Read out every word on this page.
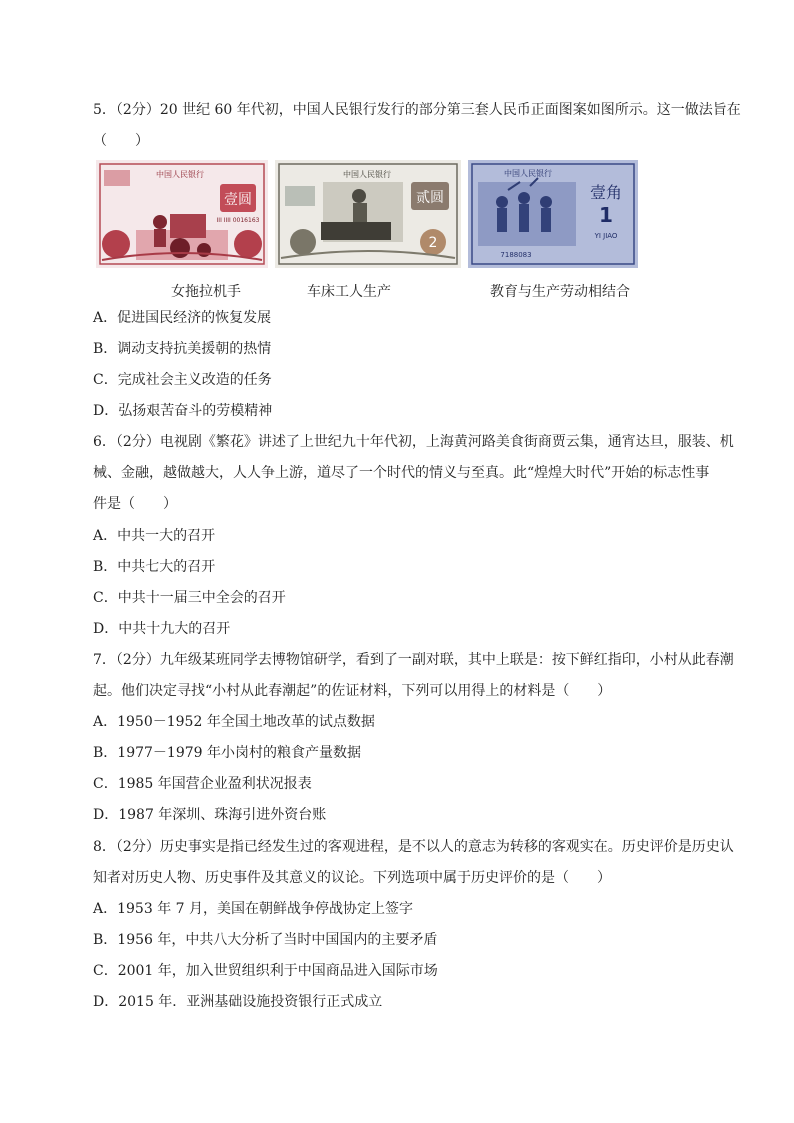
5．（2分）20 世纪 60 年代初，中国人民银行发行的部分第三套人民币正面图案如图所示。这一做法旨在
（　　）
中国人民银行
壹圆
III IIII 0016163
中国人民银行
贰圆
2
中国人民银行
壹角
1
YI JIAO
7188083
女拖拉机手	车床工人生产	教育与生产劳动相结合
A．促进国民经济的恢复发展
B．调动支持抗美援朝的热情
C．完成社会主义改造的任务
D．弘扬艰苦奋斗的劳模精神
6．（2分）电视剧《繁花》讲述了上世纪九十年代初，上海黄河路美食街商贾云集，通宵达旦，服装、机
械、金融，越做越大，人人争上游，道尽了一个时代的情义与至真。此“煌煌大时代”开始的标志性事
件是（　　）
A．中共一大的召开
B．中共七大的召开
C．中共十一届三中全会的召开
D．中共十九大的召开
7．（2分）九年级某班同学去博物馆研学，看到了一副对联，其中上联是：按下鲜红指印，小村从此春潮
起。他们决定寻找“小村从此春潮起”的佐证材料，下列可以用得上的材料是（　　）
A．1950－1952 年全国土地改革的试点数据
B．1977－1979 年小岗村的粮食产量数据
C．1985 年国营企业盈利状况报表
D．1987 年深圳、珠海引进外资台账
8．（2分）历史事实是指已经发生过的客观进程，是不以人的意志为转移的客观实在。历史评价是历史认
知者对历史人物、历史事件及其意义的议论。下列选项中属于历史评价的是（　　）
A．1953 年 7 月，美国在朝鲜战争停战协定上签字
B．1956 年，中共八大分析了当时中国国内的主要矛盾
C．2001 年，加入世贸组织利于中国商品进入国际市场
D．2015 年．亚洲基础设施投资银行正式成立
